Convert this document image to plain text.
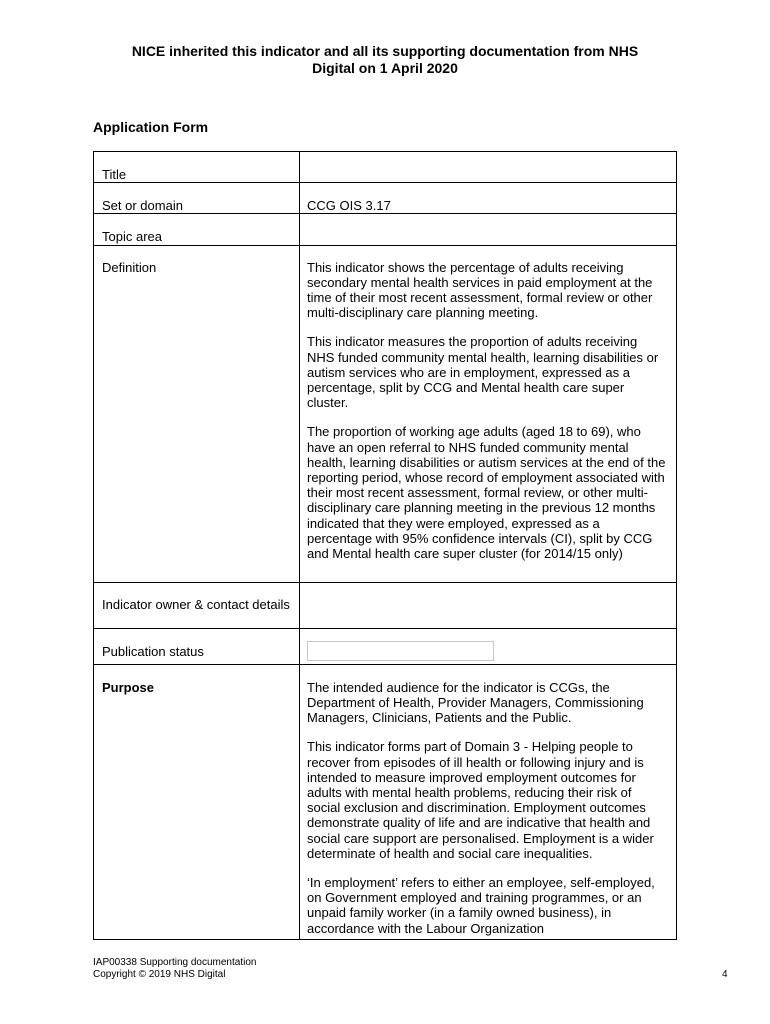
NICE inherited this indicator and all its supporting documentation from NHS
Digital on 1 April 2020
Application Form
Title	

Set or domain	CCG OIS 3.17

Topic area	

Definition	This indicator shows the percentage of adults receiving secondary mental health services in paid employment at the time of their most recent assessment, formal review or other multi-disciplinary care planning meeting.

This indicator measures the proportion of adults receiving NHS funded community mental health, learning disabilities or autism services who are in employment, expressed as a percentage, split by CCG and Mental health care super cluster.

The proportion of working age adults (aged 18 to 69), who have an open referral to NHS funded community mental health, learning disabilities or autism services at the end of the reporting period, whose record of employment associated with their most recent assessment, formal review, or other multi-disciplinary care planning meeting in the previous 12 months indicated that they were employed, expressed as a percentage with 95% confidence intervals (CI), split by CCG and Mental health care super cluster (for 2014/15 only)

Indicator owner & contact details	

Publication status	

Purpose	The intended audience for the indicator is CCGs, the Department of Health, Provider Managers, Commissioning Managers, Clinicians, Patients and the Public.

This indicator forms part of Domain 3 - Helping people to recover from episodes of ill health or following injury and is intended to measure improved employment outcomes for adults with mental health problems, reducing their risk of social exclusion and discrimination. Employment outcomes demonstrate quality of life and are indicative that health and social care support are personalised. Employment is a wider determinate of health and social care inequalities.

‘In employment’ refers to either an employee, self-employed, on Government employed and training programmes, or an unpaid family worker (in a family owned business), in accordance with the Labour Organization

IAP00338 Supporting documentation
Copyright © 2019 NHS Digital	4
